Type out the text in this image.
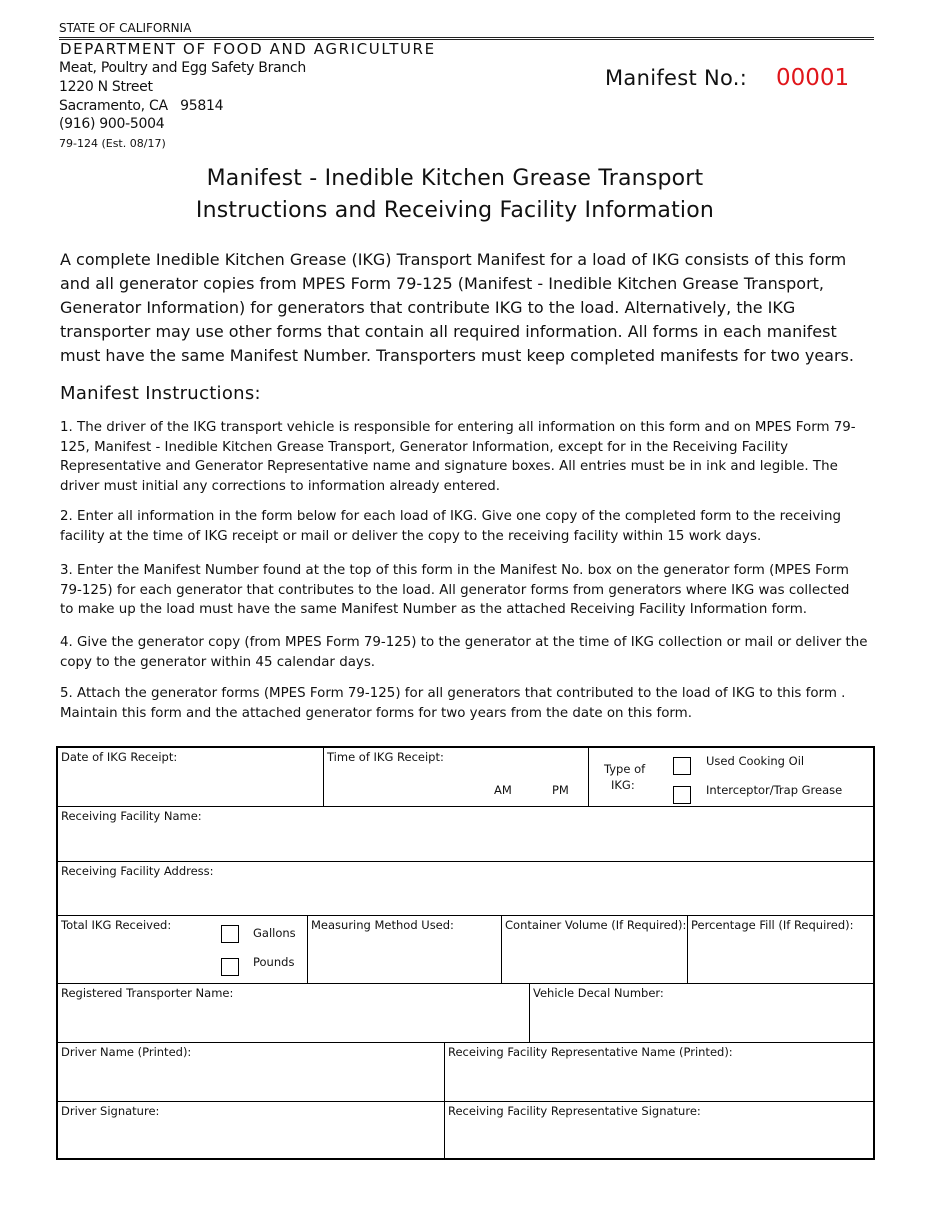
STATE OF CALIFORNIA
DEPARTMENT OF FOOD AND AGRICULTURE
Meat, Poultry and Egg Safety Branch
1220 N Street
Sacramento, CA   95814
(916) 900-5004
79-124 (Est. 08/17)
Manifest No.: 00001
Manifest - Inedible Kitchen Grease Transport
Instructions and Receiving Facility Information
A complete Inedible Kitchen Grease (IKG) Transport Manifest for a load of IKG consists of this form
and all generator copies from MPES Form 79-125 (Manifest - Inedible Kitchen Grease Transport,
Generator Information) for generators that contribute IKG to the load. Alternatively, the IKG
transporter may use other forms that contain all required information. All forms in each manifest
must have the same Manifest Number. Transporters must keep completed manifests for two years.
Manifest Instructions:
1. The driver of the IKG transport vehicle is responsible for entering all information on this form and on MPES Form 79-
125, Manifest - Inedible Kitchen Grease Transport, Generator Information, except for in the Receiving Facility
Representative and Generator Representative name and signature boxes. All entries must be in ink and legible. The
driver must initial any corrections to information already entered.
2. Enter all information in the form below for each load of IKG. Give one copy of the completed form to the receiving
facility at the time of IKG receipt or mail or deliver the copy to the receiving facility within 15 work days.
3. Enter the Manifest Number found at the top of this form in the Manifest No. box on the generator form (MPES Form
79-125) for each generator that contributes to the load. All generator forms from generators where IKG was collected
to make up the load must have the same Manifest Number as the attached Receiving Facility Information form.
4. Give the generator copy (from MPES Form 79-125) to the generator at the time of IKG collection or mail or deliver the
copy to the generator within 45 calendar days.
5. Attach the generator forms (MPES Form 79-125) for all generators that contributed to the load of IKG to this form .
Maintain this form and the attached generator forms for two years from the date on this form.
Date of IKG Receipt:	Time of IKG Receipt:
AM	PM
Type of
IKG:
Used Cooking Oil
Interceptor/Trap Grease
Receiving Facility Name:
Receiving Facility Address:
Total IKG Received:
Gallons
Pounds
Measuring Method Used:	Container Volume (If Required): Percentage Fill (If Required):
Registered Transporter Name:	Vehicle Decal Number:
Driver Name (Printed):	Receiving Facility Representative Name (Printed):
Driver Signature:	Receiving Facility Representative Signature:
